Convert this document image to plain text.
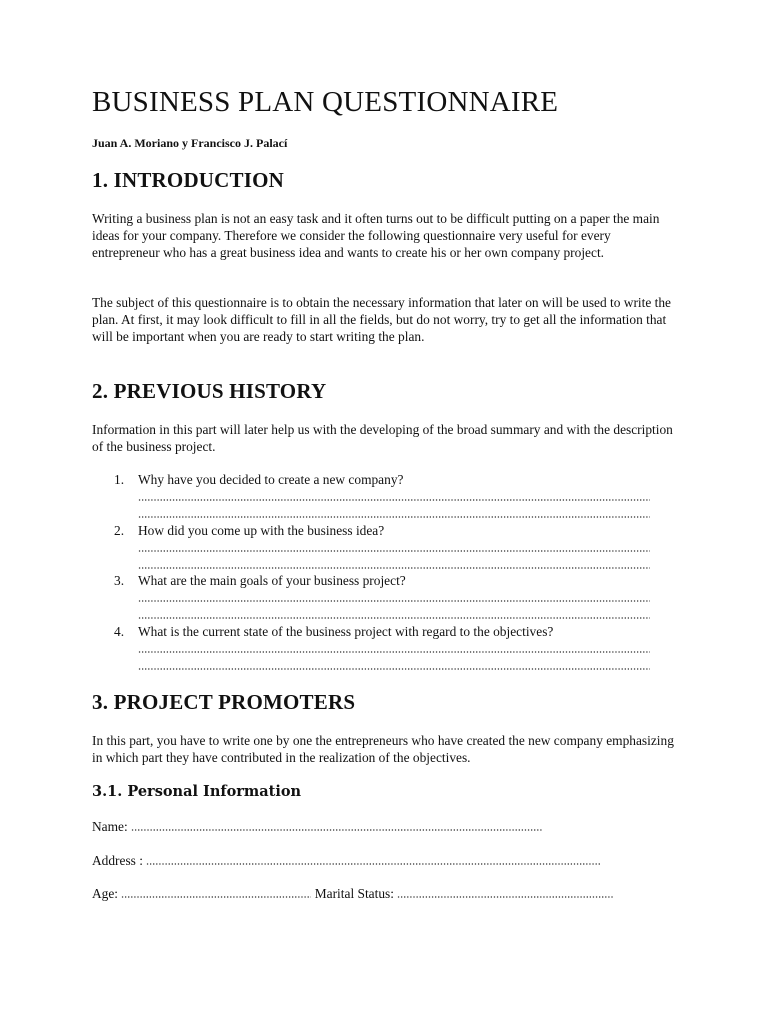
BUSINESS PLAN QUESTIONNAIRE

Juan A. Moriano y Francisco J. Palací

1. INTRODUCTION

Writing a business plan is not an easy task and it often turns out to be difficult putting on a paper the main ideas for your company. Therefore we consider the following questionnaire very useful for every entrepreneur who has a great business idea and wants to create his or her own company project.

The subject of this questionnaire is to obtain the necessary information that later on will be used to write the plan. At first, it may look difficult to fill in all the fields, but do not worry, try to get all the information that will be important when you are ready to start writing the plan.

2. PREVIOUS HISTORY

Information in this part will later help us with the developing of the broad summary and with the description of the business project.

1. Why have you decided to create a new company?
2. How did you come up with the business idea?
3. What are the main goals of your business project?
4. What is the current state of the business project with regard to the objectives?
3. PROJECT PROMOTERS

In this part, you have to write one by one the entrepreneurs who have created the new company emphasizing in which part they have contributed in the realization of the objectives.

3.1. Personal Information
Name:
Address :
Age:	Marital Status:
